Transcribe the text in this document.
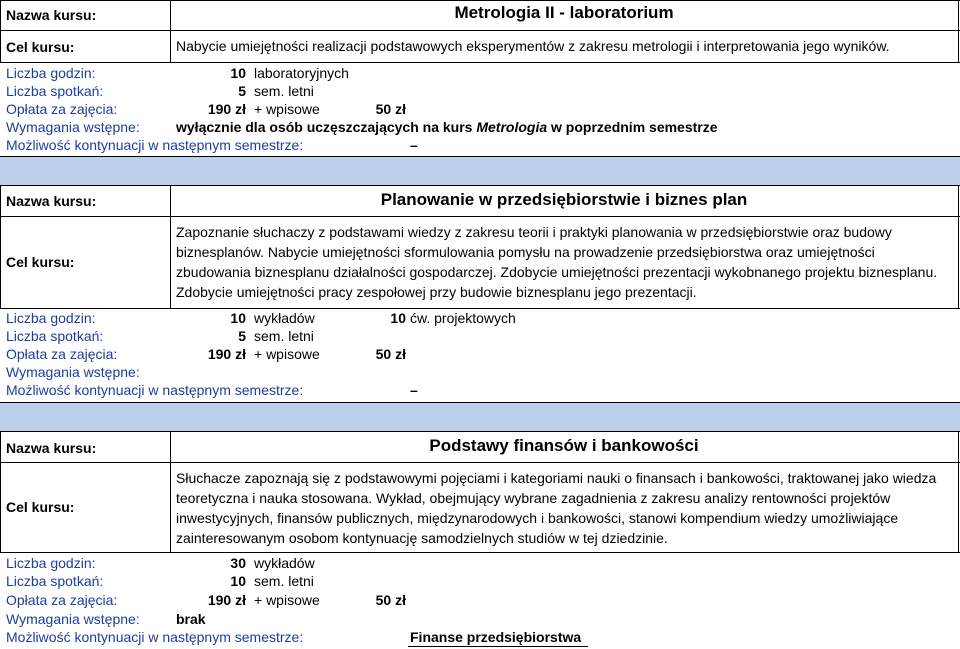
Nazwa kursu:	Metrologia II - laboratorium
Cel kursu:	Nabycie umiejętności realizacji podstawowych eksperymentów z zakresu metrologii i interpretowania jego wyników.
Liczba godzin:	10 laboratoryjnych
Liczba spotkań:	5 sem. letni
Opłata za zajęcia:	190 zł + wpisowe	50 zł
Wymagania wstępne:	wyłącznie dla osób uczęszczających na kurs Metrologia w poprzednim semestrze
Możliwość kontynuacji w następnym semestrze:	–
Nazwa kursu:	Planowanie w przedsiębiorstwie i biznes plan
Cel kursu:
Zapoznanie słuchaczy z podstawami wiedzy z zakresu teorii i praktyki planowania w przedsiębiorstwie oraz budowy biznesplanów. Nabycie umiejętności sformulowania pomysłu na prowadzenie przedsiębiorstwa oraz umiejętności zbudowania biznesplanu działalności gospodarczej. Zdobycie umiejętności prezentacji wykobnanego projektu biznesplanu. Zdobycie umiejętności pracy zespołowej przy budowie biznesplanu jego prezentacji.
Liczba godzin:	10 wykładów	10 ćw. projektowych
Liczba spotkań:	5 sem. letni
Opłata za zajęcia:	190 zł + wpisowe	50 zł
Wymagania wstępne:
Możliwość kontynuacji w następnym semestrze:	–
Nazwa kursu:	Podstawy finansów i bankowości
Cel kursu:
Słuchacze zapoznają się z podstawowymi pojęciami i kategoriami nauki o finansach i bankowości, traktowanej jako wiedza teoretyczna i nauka stosowana. Wykład, obejmujący wybrane zagadnienia z zakresu analizy rentowności projektów inwestycyjnych, finansów publicznych, międzynarodowych i bankowości, stanowi kompendium wiedzy umożliwiające zainteresowanym osobom kontynuację samodzielnych studiów w tej dziedzinie.
Liczba godzin:	30 wykładów
Liczba spotkań:	10 sem. letni
Opłata za zajęcia:	190 zł + wpisowe	50 zł
Wymagania wstępne:	brak
Możliwość kontynuacji w następnym semestrze:	Finanse przedsiębiorstwa
